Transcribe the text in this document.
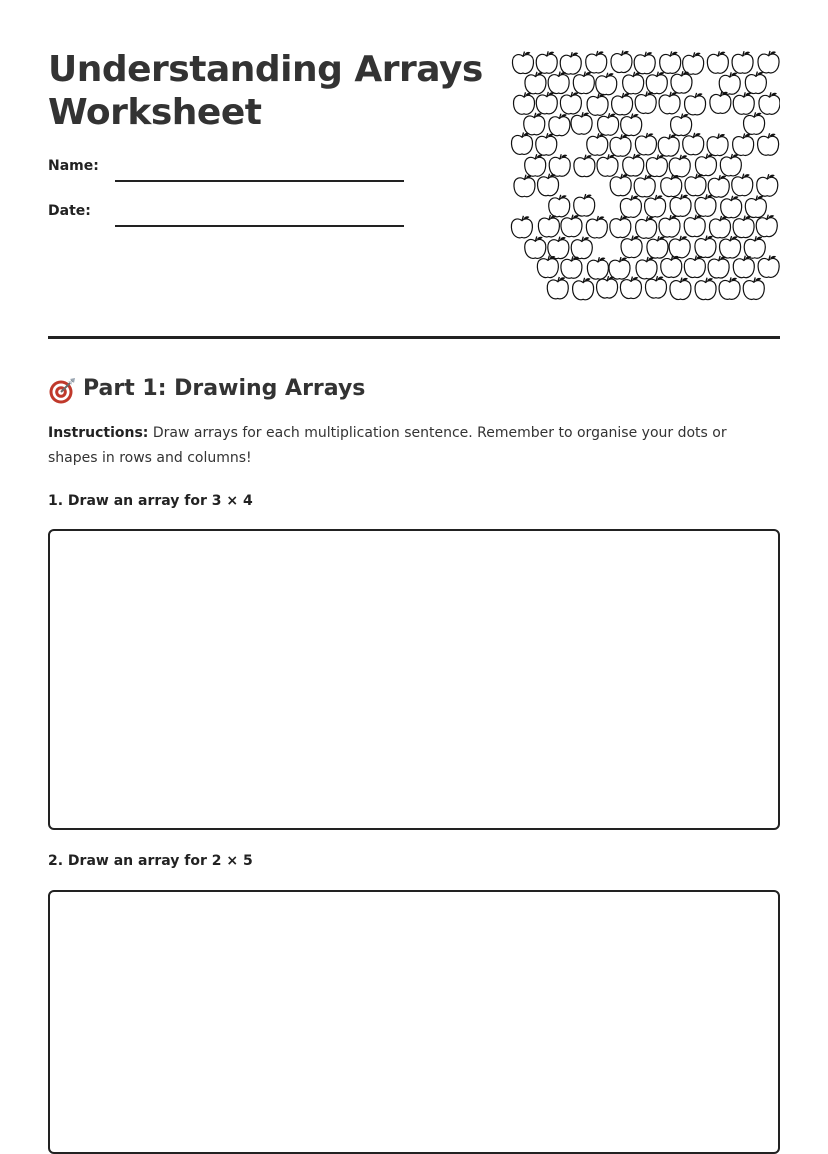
Understanding Arrays Worksheet
Name:
Date:
Part 1: Drawing Arrays

Instructions: Draw arrays for each multiplication sentence. Remember to organise your dots or shapes in rows and columns!

1. Draw an array for 3 × 4

2. Draw an array for 2 × 5
